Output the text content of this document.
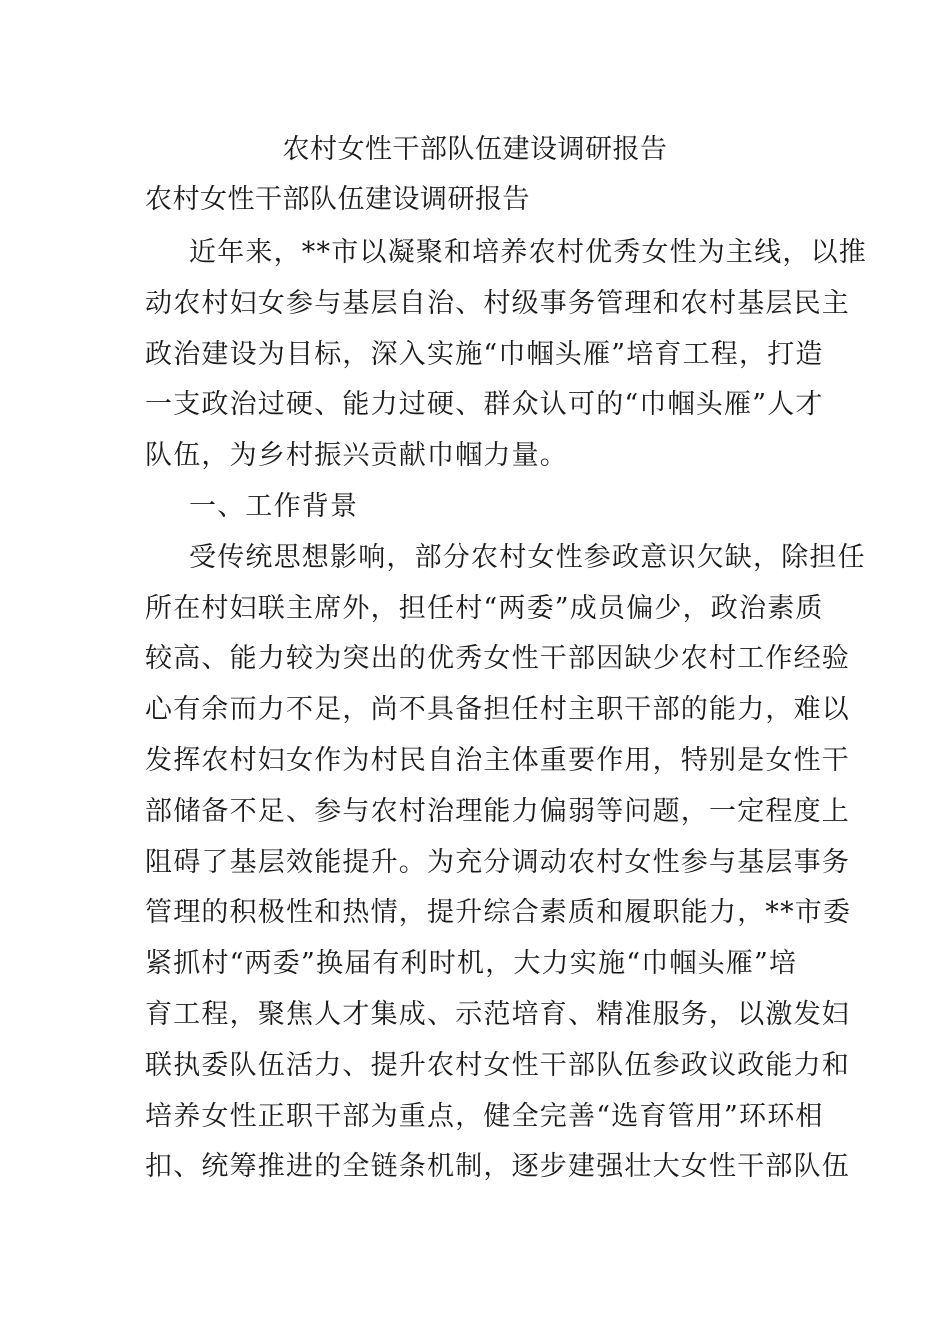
农村女性干部队伍建设调研报告
农村女性干部队伍建设调研报告
近年来，**市以凝聚和培养农村优秀女性为主线，以推
动农村妇女参与基层自治、村级事务管理和农村基层民主
政治建设为目标，深入实施“巾帼头雁”培育工程，打造
一支政治过硬、能力过硬、群众认可的“巾帼头雁”人才
队伍，为乡村振兴贡献巾帼力量。
一、工作背景
受传统思想影响，部分农村女性参政意识欠缺，除担任
所在村妇联主席外，担任村“两委”成员偏少，政治素质
较高、能力较为突出的优秀女性干部因缺少农村工作经验
心有余而力不足，尚不具备担任村主职干部的能力，难以
发挥农村妇女作为村民自治主体重要作用，特别是女性干
部储备不足、参与农村治理能力偏弱等问题，一定程度上
阻碍了基层效能提升。为充分调动农村女性参与基层事务
管理的积极性和热情，提升综合素质和履职能力，**市委
紧抓村“两委”换届有利时机，大力实施“巾帼头雁”培
育工程，聚焦人才集成、示范培育、精准服务，以激发妇
联执委队伍活力、提升农村女性干部队伍参政议政能力和
培养女性正职干部为重点，健全完善“选育管用”环环相
扣、统筹推进的全链条机制，逐步建强壮大女性干部队伍
